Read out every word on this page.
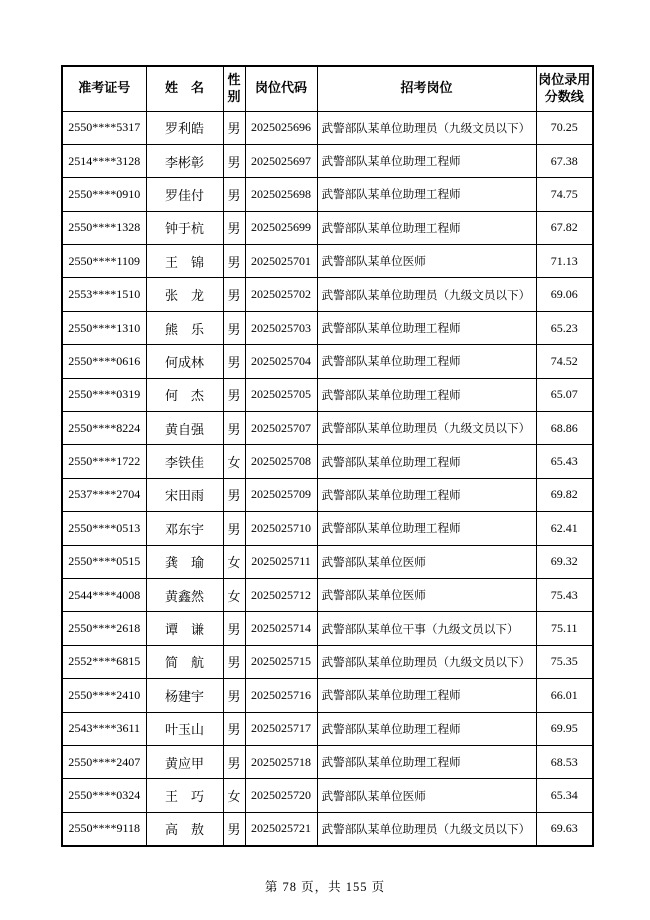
准考证号	姓　名	性别	岗位代码	招考岗位	岗位录用分数线
2550****5317	罗利皓	男	2025025696	武警部队某单位助理员（九级文员以下）	70.25
2514****3128	李彬彰	男	2025025697	武警部队某单位助理工程师	67.38
2550****0910	罗佳付	男	2025025698	武警部队某单位助理工程师	74.75
2550****1328	钟于杭	男	2025025699	武警部队某单位助理工程师	67.82
2550****1109	王　锦	男	2025025701	武警部队某单位医师	71.13
2553****1510	张　龙	男	2025025702	武警部队某单位助理员（九级文员以下）	69.06
2550****1310	熊　乐	男	2025025703	武警部队某单位助理工程师	65.23
2550****0616	何成林	男	2025025704	武警部队某单位助理工程师	74.52
2550****0319	何　杰	男	2025025705	武警部队某单位助理工程师	65.07
2550****8224	黄自强	男	2025025707	武警部队某单位助理员（九级文员以下）	68.86
2550****1722	李铁佳	女	2025025708	武警部队某单位助理工程师	65.43
2537****2704	宋田雨	男	2025025709	武警部队某单位助理工程师	69.82
2550****0513	邓东宇	男	2025025710	武警部队某单位助理工程师	62.41
2550****0515	龚　瑜	女	2025025711	武警部队某单位医师	69.32
2544****4008	黄鑫然	女	2025025712	武警部队某单位医师	75.43
2550****2618	谭　谦	男	2025025714	武警部队某单位干事（九级文员以下）	75.11
2552****6815	简　航	男	2025025715	武警部队某单位助理员（九级文员以下）	75.35
2550****2410	杨建宇	男	2025025716	武警部队某单位助理工程师	66.01
2543****3611	叶玉山	男	2025025717	武警部队某单位助理工程师	69.95
2550****2407	黄应甲	男	2025025718	武警部队某单位助理工程师	68.53
2550****0324	王　巧	女	2025025720	武警部队某单位医师	65.34
2550****9118	高　敖	男	2025025721	武警部队某单位助理员（九级文员以下）	69.63
第 78 页，共 155 页
